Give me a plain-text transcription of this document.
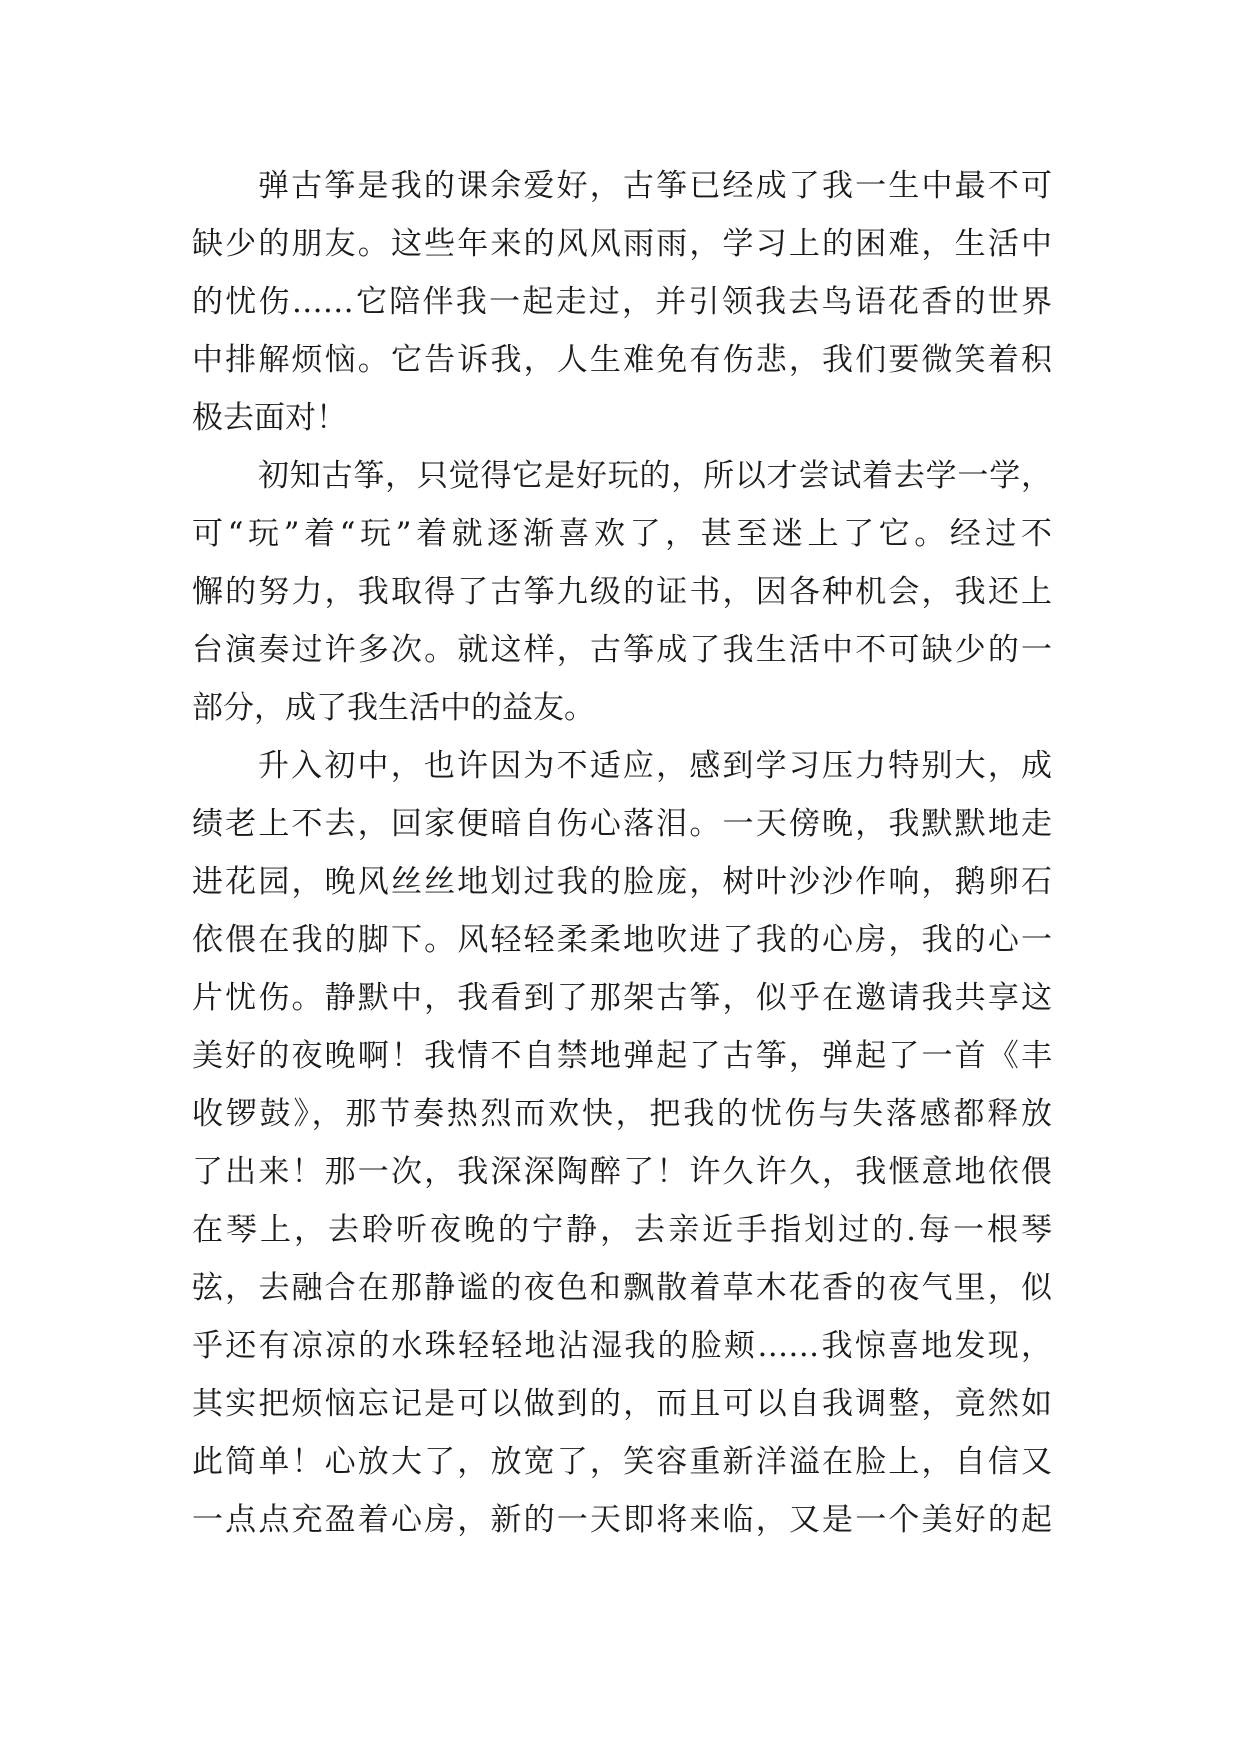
弹古筝是我的课余爱好，古筝已经成了我一生中最不可
缺少的朋友。这些年来的风风雨雨，学习上的困难，生活中
的忧伤……它陪伴我一起走过，并引领我去鸟语花香的世界
中排解烦恼。它告诉我，人生难免有伤悲，我们要微笑着积
极去面对！
初知古筝，只觉得它是好玩的，所以才尝试着去学一学，
可“玩”着“玩”着就逐渐喜欢了，甚至迷上了它。经过不
懈的努力，我取得了古筝九级的证书，因各种机会，我还上
台演奏过许多次。就这样，古筝成了我生活中不可缺少的一
部分，成了我生活中的益友。
升入初中，也许因为不适应，感到学习压力特别大，成
绩老上不去，回家便暗自伤心落泪。一天傍晚，我默默地走
进花园，晚风丝丝地划过我的脸庞，树叶沙沙作响，鹅卵石
依偎在我的脚下。风轻轻柔柔地吹进了我的心房，我的心一
片忧伤。静默中，我看到了那架古筝，似乎在邀请我共享这
美好的夜晚啊！我情不自禁地弹起了古筝，弹起了一首《丰
收锣鼓》，那节奏热烈而欢快，把我的忧伤与失落感都释放
了出来！那一次，我深深陶醉了！许久许久，我惬意地依偎
在琴上，去聆听夜晚的宁静，去亲近手指划过的.每一根琴
弦，去融合在那静谧的夜色和飘散着草木花香的夜气里，似
乎还有凉凉的水珠轻轻地沾湿我的脸颊……我惊喜地发现，
其实把烦恼忘记是可以做到的，而且可以自我调整，竟然如
此简单！心放大了，放宽了，笑容重新洋溢在脸上，自信又
一点点充盈着心房，新的一天即将来临，又是一个美好的起
